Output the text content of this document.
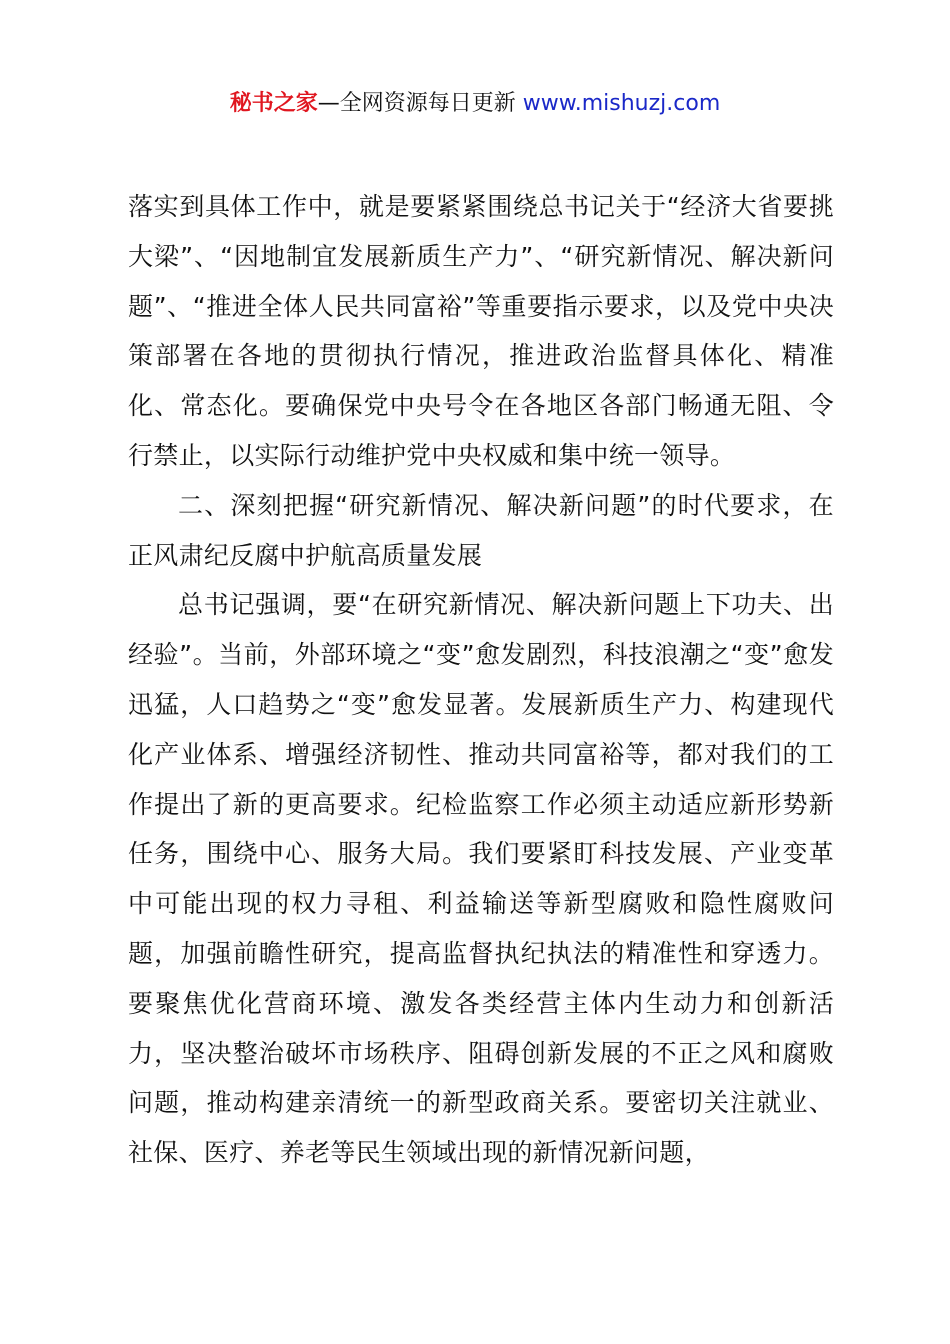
秘书之家—全网资源每日更新 www.mishuzj.com

落实到具体工作中，就是要紧紧围绕总书记关于“经济大省要挑大梁”、“因地制宜发展新质生产力”、“研究新情况、解决新问题”、“推进全体人民共同富裕”等重要指示要求，以及党中央决策部署在各地的贯彻执行情况，推进政治监督具体化、精准化、常态化。要确保党中央号令在各地区各部门畅通无阻、令行禁止，以实际行动维护党中央权威和集中统一领导。

二、深刻把握“研究新情况、解决新问题”的时代要求，在正风肃纪反腐中护航高质量发展

总书记强调，要“在研究新情况、解决新问题上下功夫、出经验”。当前，外部环境之“变”愈发剧烈，科技浪潮之“变”愈发迅猛，人口趋势之“变”愈发显著。发展新质生产力、构建现代化产业体系、增强经济韧性、推动共同富裕等，都对我们的工作提出了新的更高要求。纪检监察工作必须主动适应新形势新任务，围绕中心、服务大局。我们要紧盯科技发展、产业变革中可能出现的权力寻租、利益输送等新型腐败和隐性腐败问题，加强前瞻性研究，提高监督执纪执法的精准性和穿透力。要聚焦优化营商环境、激发各类经营主体内生动力和创新活力，坚决整治破坏市场秩序、阻碍创新发展的不正之风和腐败问题，推动构建亲清统一的新型政商关系。要密切关注就业、社保、医疗、养老等民生领域出现的新情况新问题，
